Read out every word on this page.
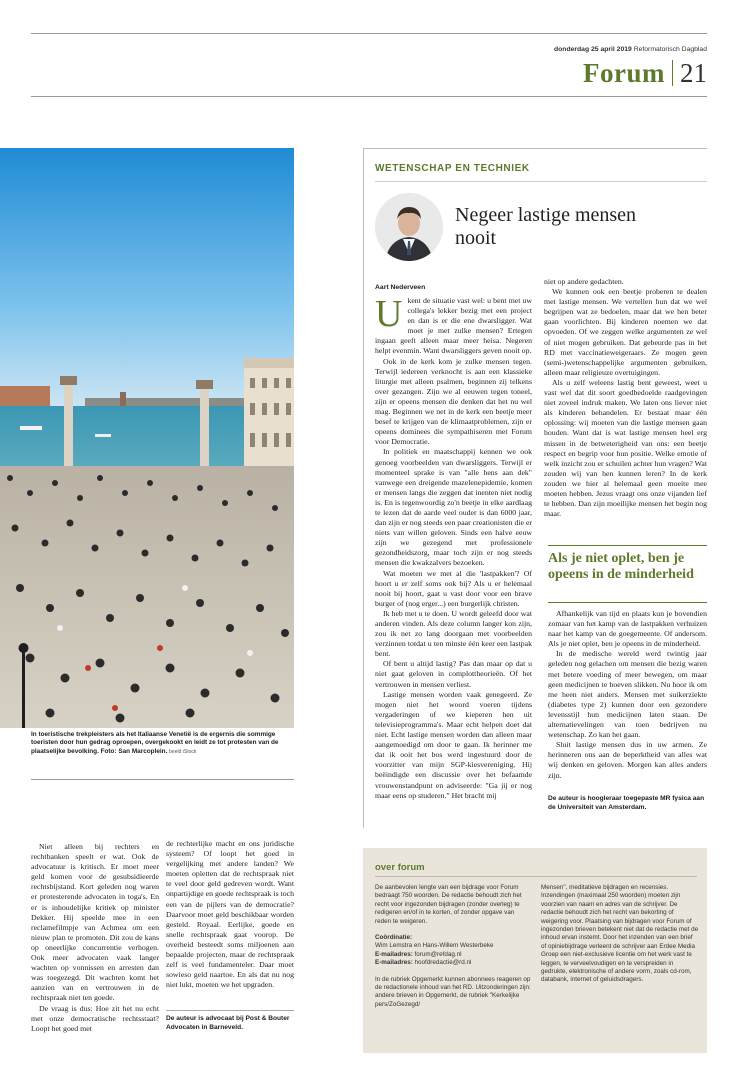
donderdag 25 april 2019 Reformatorisch Dagblad
Forum 21
In toeristische trekpleisters als het Italiaanse Venetië is de ergernis die sommige toeristen door hun gedrag oproepen, overgekookt en leidt ze tot protesten van de plaatselijke bevolking. Foto: San Marcoplein. beeld iStock
WETENSCHAP EN TECHNIEK
Negeer lastige mensen nooit
Aart Nederveen

Ukent de situatie vast wel: u bent met uw collega's lekker bezig met een project en dan is er die ene dwarsligger. Wat moet je met zulke mensen? Ertegen ingaan geeft alleen maar meer heisa. Negeren helpt evenmin. Want dwarsliggers geven nooit op.

Ook in de kerk kom je zulke mensen tegen. Terwijl iedereen verknocht is aan een klassieke liturgie met alleen psalmen, beginnen zij telkens over gezangen. Zijn we al eeuwen tegen toneel, zijn er opeens mensen die denken dat het nu wel mag. Beginnen we net in de kerk een beetje meer besef te krijgen van de klimaatproblemen, zijn er opeens dominees die sympathiseren met Forum voor Democratie.

In politiek en maatschappij kennen we ook genoeg voorbeelden van dwarsliggers. Terwijl er momenteel sprake is van "alle hens aan dek" vanwege een dreigende mazelenepidemie, komen er mensen langs die zeggen dat inenten niet nodig is. En is tegenwoordig zo'n beetje in elke aardlaag te lezen dat de aarde veel ouder is dan 6000 jaar, dan zijn er nog steeds een paar creationisten die er niets van willen geloven. Sinds een halve eeuw zijn we gezegend met professionele gezondheidszorg, maar toch zijn er nog steeds mensen die kwakzalvers bezoeken.

Wat moeten we met al die 'lastpakken'? Of hoort u er zelf soms ook bij? Als u er helemaal nooit bij hoort, gaat u vast door voor een brave burger of (nog erger...) een burgerlijk christen.

Ik heb met u te doen. U wordt geleefd door wat anderen vinden. Als deze column langer kon zijn, zou ik net zo lang doorgaan met voorbeelden verzinnen totdat u ten minste één keer een lastpak bent.

Of bent u altijd lastig? Pas dan maar op dat u niet gaat geloven in complottheorieën. Of het vertrouwen in mensen verliest.

Lastige mensen worden vaak genegeerd. Ze mogen niet het woord voeren tijdens vergaderingen of we kieperen hen uit televisieprogramma's. Maar echt helpen doet dat niet. Echt lastige mensen worden dan alleen maar aangemoedigd om door te gaan. Ik herinner me dat ik ooit het bos werd ingestuurd door de voorzitter van mijn SGP-kiesvereniging. Hij beëindigde een discussie over het befaamde vrouwenstandpunt en adviseerde: "Ga jij er nog maar eens op studeren." Het bracht mij

niet op andere gedachten.

We kunnen ook een beetje proberen te dealen met lastige mensen. We vertellen hun dat we wel begrijpen wat ze bedoelen, maar dat we hen beter gaan voorlichten. Bij kinderen noemen we dat opvoeden. Of we zeggen welke argumenten ze wel of niet mogen gebruiken. Dat gebeurde pas in het RD met vaccinatieweigeraars. Ze mogen geen (semi-)wetenschappelijke argumenten gebruiken, alleen maar religieuze overtuigingen.

Als u zelf weleens lastig bent geweest, weet u vast wel dat dit soort goedbedoelde raadgevingen niet zoveel indruk maken. We laten ons liever niet als kinderen behandelen. Er bestaat maar één oplossing: wij moeten van die lastige mensen gaan houden. Want dat is wat lastige mensen heel erg missen in de betweterigheid van ons: een beetje respect en begrip voor hun positie. Welke emotie of welk inzicht zou er schuilen achter hun vragen? Wat zouden wij van hen kunnen leren? In de kerk zouden we hier al helemaal geen moeite mee moeten hebben. Jezus vraagt ons onze vijanden lief te hebben. Dan zijn moeilijke mensen het begin nog maar.

Als je niet oplet, ben je opeens in de minderheid

Afhankelijk van tijd en plaats kun je bovendien zomaar van het kamp van de lastpakken verhuizen naar het kamp van de goegemeente. Of andersom. Als je niet oplet, ben je opeens in de minderheid.

In de medische wereld werd twintig jaar geleden nog gelachen om mensen die bezig waren met betere voeding of meer bewegen, om maar geen medicijnen te hoeven slikken. Nu hoor ik om me heen niet anders. Mensen met suikerziekte (diabetes type 2) kunnen door een gezondere levensstijl hun medicijnen laten staan. De alternatievelingen van toen bedrijven nu wetenschap. Zo kan het gaan.

Sluit lastige mensen dus in uw armen. Ze herinneren ons aan de beperktheid van alles wat wij denken en geloven. Morgen kan alles anders zijn.

De auteur is hoogleraar toegepaste MR fysica aan de Universiteit van Amsterdam.

Niet alleen bij rechters en rechtbanken speelt er wat. Ook de advocatuur is kritisch. Er moet meer geld komen voor de gesubsidieerde rechtsbijstand. Kort geleden nog waren er protesterende advocaten in toga's. En er is inhoudelijke kritiek op minister Dekker. Hij speelde mee in een reclamefilmpje van Achmea om een nieuw plan te promoten. Dit zou de kans op oneerlijke concurrentie verhogen. Ook meer advocaten vaak langer wachten op vonnissen en arresten dan was toegezegd. Dit wachten komt het aanzien van en vertrouwen in de rechtspraak niet ten goede.

De vraag is dus: Hoe zit het nu echt met onze democratische rechtsstaat? Loopt het goed met

de rechterlijke macht en ons juridische systeem? Of loopt het goed in vergelijking met andere landen? We moeten opletten dat de rechtspraak niet te veel door geld gedreven wordt. Want onpartijdige en goede rechtspraak is toch een van de pijlers van de democratie? Daarvoor moet geld beschikbaar worden gesteld. Royaal. Eerlijke, goede en snelle rechtspraak gaat voorop. De overheid besteedt soms miljoenen aan bepaalde projecten, maar de rechtspraak zelf is veel fundamenteler. Daar moet sowieso geld naartoe. En als dat nu nog niet lukt, moeten we het upgraden.

De auteur is advocaat bij Post & Bouter Advocaten in Barneveld.
over forum
De aanbevolen lengte van een bijdrage voor Forum bedraagt 750 woorden. De redactie behoudt zich het recht voor ingezonden bijdragen (zonder overleg) te redigeren en/of in te korten, of zonder opgave van reden te weigeren.
Coördinatie:
Wim Lemstra en Hans-Willem Westerbeke
E-mailadres: forum@refdag.nl
E-mailadres: hoofdredactie@rd.nl
In de rubriek Opgemerkt kunnen abonnees reageren op de redactionele inhoud van het RD. Uitzonderingen zijn: andere brieven in Opgemerkt, de rubriek "Kerkelijke pers/ZoGezegd/
Mensen", meditatieve bijdragen en recensies. Inzendingen (maximaal 250 woorden) moeten zijn voorzien van naam en adres van de schrijver. De redactie behoudt zich het recht van bekorting of weigering voor. Plaatsing van bijdragen voor Forum of ingezonden brieven betekent niet dat de redactie met de inhoud ervan instemt. Door het inzenden van een brief of opiniebijdrage verleent de schrijver aan Erdee Media Groep een niet-exclusieve licentie om het werk vast te leggen, te verveelvoudigen en te verspreiden in gedrukte, elektronische of andere vorm, zoals cd-rom, databank, internet of geluidsdragers.
